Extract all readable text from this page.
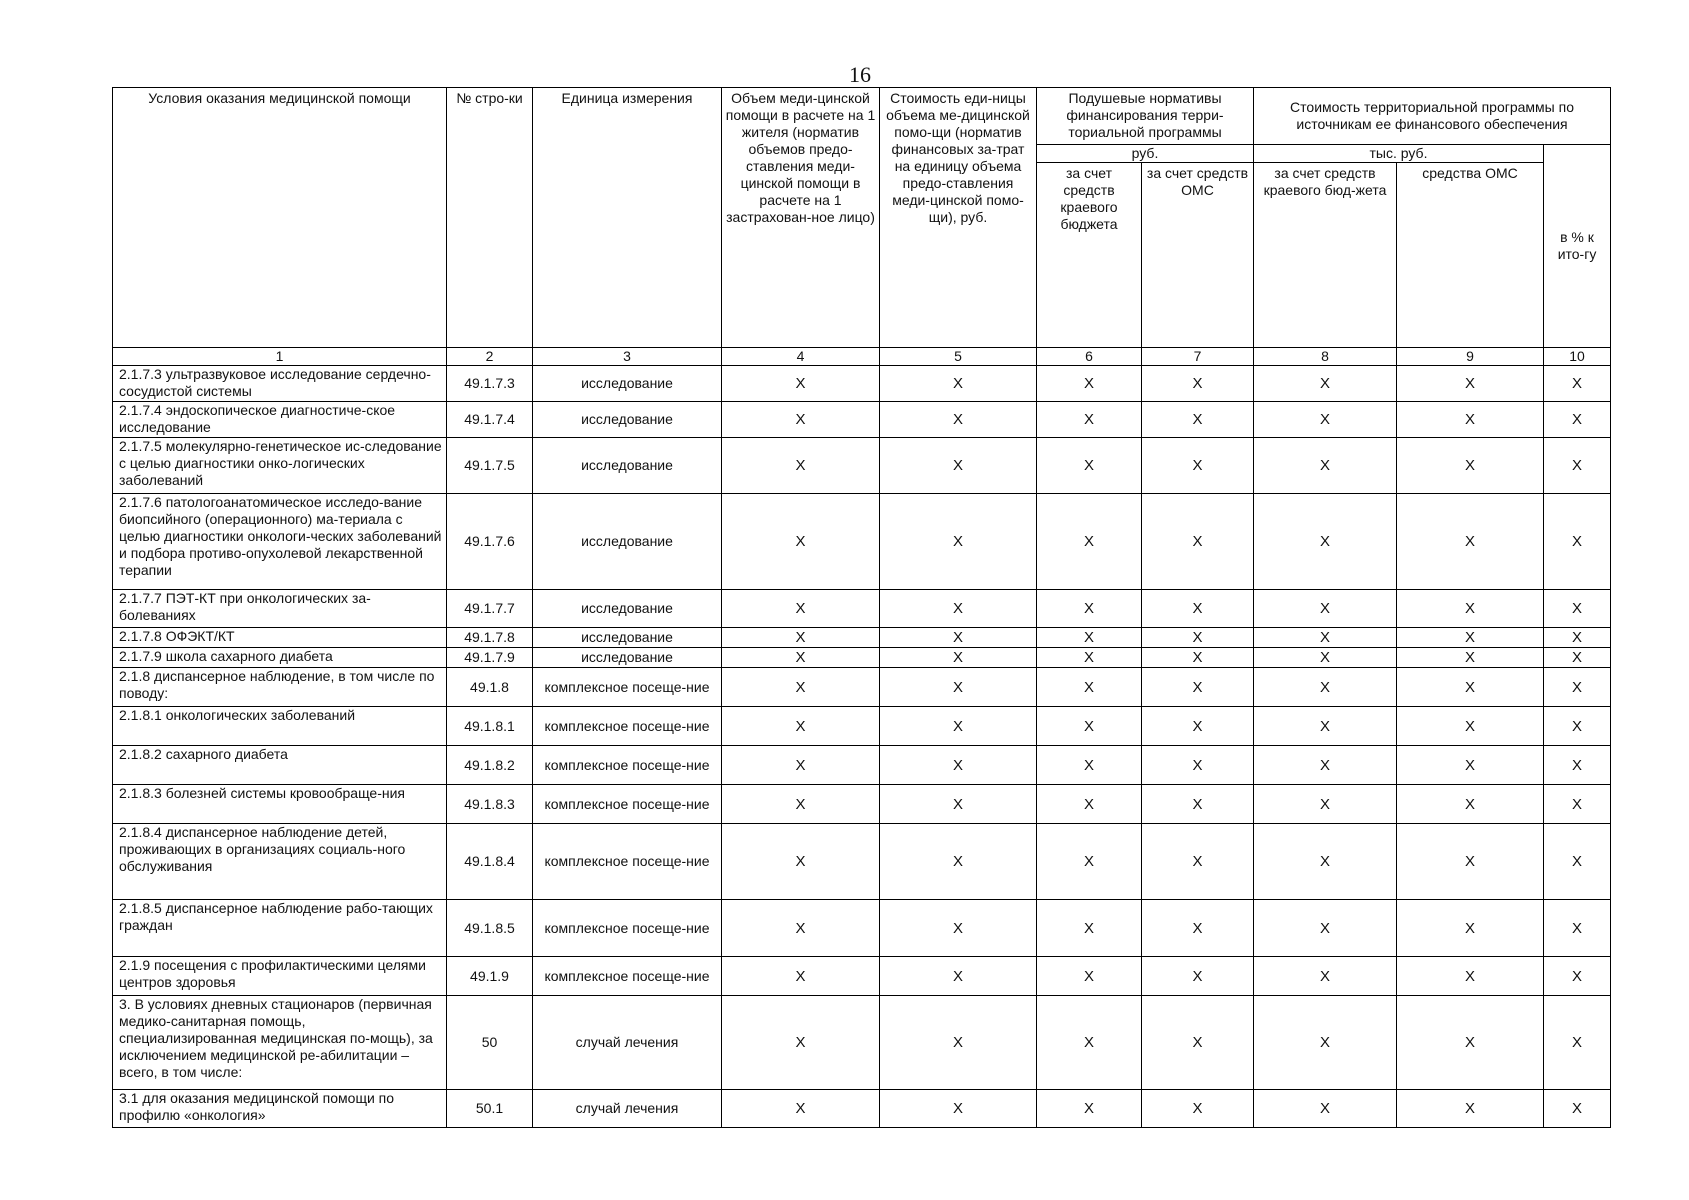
16
Условия оказания медицинской помощи	№ стро-ки	Единица измерения	Объем меди-цинской помощи в расчете на 1 жителя (норматив объемов предо-ставления меди-цинской помощи в расчете на 1 застрахован-ное лицо)	Стоимость еди-ницы объема ме-дицинской помо-щи (норматив финансовых за-трат на единицу объема предо-ставления меди-цинской помо-щи), руб.	Подушевые нормативы финансирования терри-ториальной программы		Стоимость территориальной программы по источникам ее финансового обеспечения		
					руб.		тыс. руб.		в % к ито-гу
					за счет средств краевого бюджета	за счет средств ОМС	за счет средств краевого бюд-жета	средства ОМС	
1	2	3	4	5	6	7	8	9	10
2.1.7.3 ультразвуковое исследование сердечно-сосудистой системы	49.1.7.3	исследование	Х	Х	Х	Х	Х	Х	Х
2.1.7.4 эндоскопическое диагностиче-ское исследование	49.1.7.4	исследование	Х	Х	Х	Х	Х	Х	Х
2.1.7.5 молекулярно-генетическое ис-следование с целью диагностики онко-логических заболеваний	49.1.7.5	исследование	Х	Х	Х	Х	Х	Х	Х
2.1.7.6 патологоанатомическое исследо-вание биопсийного (операционного) ма-териала с целью диагностики онкологи-ческих заболеваний и подбора противо-опухолевой лекарственной терапии	49.1.7.6	исследование	Х	Х	Х	Х	Х	Х	Х
2.1.7.7 ПЭТ-КТ при онкологических за-болеваниях	49.1.7.7	исследование	Х	Х	Х	Х	Х	Х	Х
2.1.7.8 ОФЭКТ/КТ	49.1.7.8	исследование	Х	Х	Х	Х	Х	Х	Х
2.1.7.9 школа сахарного диабета	49.1.7.9	исследование	Х	Х	Х	Х	Х	Х	Х
2.1.8 диспансерное наблюдение, в том числе по поводу:	49.1.8	комплексное посеще-ние	Х	Х	Х	Х	Х	Х	Х
2.1.8.1 онкологических заболеваний	49.1.8.1	комплексное посеще-ние	Х	Х	Х	Х	Х	Х	Х
2.1.8.2 сахарного диабета	49.1.8.2	комплексное посеще-ние	Х	Х	Х	Х	Х	Х	Х
2.1.8.3 болезней системы кровообраще-ния	49.1.8.3	комплексное посеще-ние	Х	Х	Х	Х	Х	Х	Х
2.1.8.4 диспансерное наблюдение детей, проживающих в организациях социаль-ного обслуживания	49.1.8.4	комплексное посеще-ние	Х	Х	Х	Х	Х	Х	Х
2.1.8.5 диспансерное наблюдение рабо-тающих граждан	49.1.8.5	комплексное посеще-ние	Х	Х	Х	Х	Х	Х	Х
2.1.9 посещения с профилактическими целями центров здоровья	49.1.9	комплексное посеще-ние	Х	Х	Х	Х	Х	Х	Х
3. В условиях дневных стационаров (первичная медико-санитарная помощь, специализированная медицинская по-мощь), за исключением медицинской ре-абилитации – всего, в том числе:	50	случай лечения	Х	Х	Х	Х	Х	Х	Х
3.1 для оказания медицинской помощи по профилю «онкология»	50.1	случай лечения	Х	Х	Х	Х	Х	Х	Х
